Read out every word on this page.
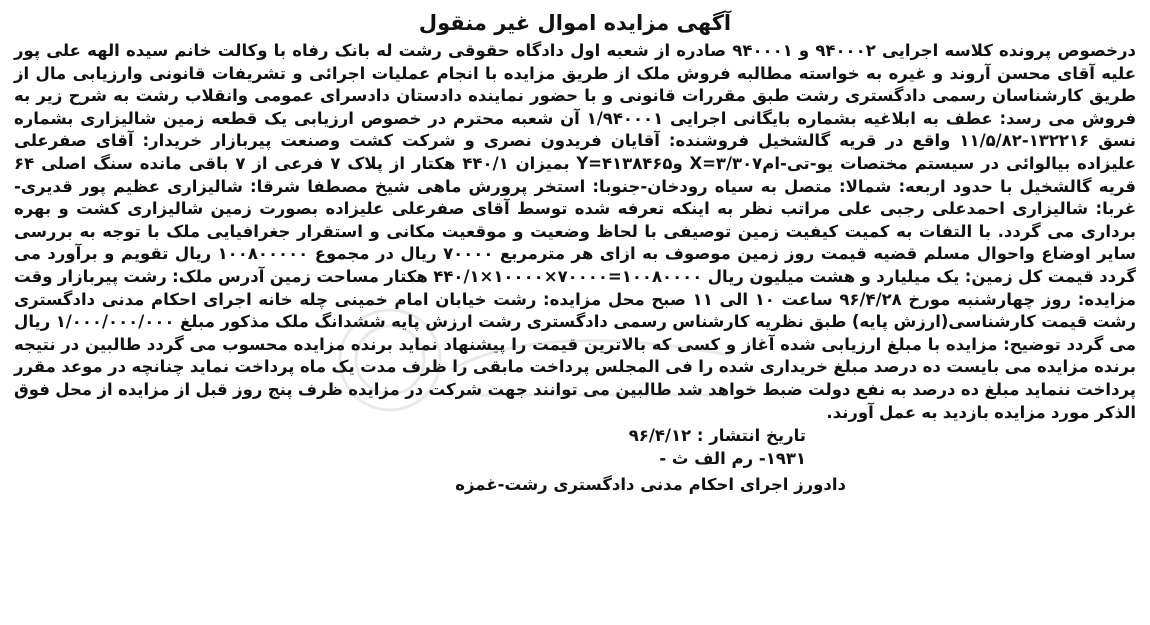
آگهی مزایده اموال غیر منقول

درخصوص پرونده کلاسه اجرایی ۹۴۰۰۰۲ و ۹۴۰۰۰۱ صادره از شعبه اول دادگاه حقوقی رشت له بانک رفاه با وکالت خانم سیده الهه علی پور علیه آقای محسن آروند و غیره به خواسته مطالبه فروش ملک از طریق مزایده با انجام عملیات اجرائی و تشریفات قانونی وارزیابی مال از طریق کارشناسان رسمی دادگستری رشت طبق مقررات قانونی و با حضور نماینده دادستان دادسرای عمومی وانقلاب رشت به شرح زیر به فروش می رسد: عطف به ابلاغیه بشماره بایگانی اجرایی ۱/۹۴۰۰۰۱ آن شعبه محترم در خصوص ارزیابی یک قطعه زمین شالیزاری بشماره نسق ۱۳۲۲۱۶-۱۱/۵/۸۲ واقع در قریه گالشخیل فروشنده: آقایان فریدون نصری و شرکت کشت وصنعت پیربازار خریدار: آقای صفرعلی علیزاده بیالوائی در سیستم مختصات یو-تی-ام۳/۳۰۷=X و۴۱۳۸۴۶۵=Y بمیزان ۴۴۰/۱ هکتار از پلاک ۷ فرعی از ۷ باقی مانده سنگ اصلی ۶۴ قریه گالشخیل با حدود اربعه: شمالا: متصل به سیاه رودخان-جنوبا: استخر پرورش ماهی شیخ مصطفا شرقا: شالیزاری عظیم پور قدیری-غربا: شالیزاری احمدعلی رجبی علی مراتب نظر به اینکه تعرفه شده توسط آقای صفرعلی علیزاده بصورت زمین شالیزاری کشت و بهره برداری می گردد. با التفات به کمیت کیفیت زمین توصیفی با لحاظ وضعیت و موقعیت مکانی و استقرار جغرافیایی ملک با توجه به بررسی سایر اوضاع واحوال مسلم قضیه قیمت روز زمین موصوف به ازای هر مترمربع ۷۰۰۰۰ ریال در مجموع ۱۰۰۸۰۰۰۰۰ ریال تقویم و برآورد می گردد قیمت کل زمین: یک میلیارد و هشت میلیون ریال ۱۰۰۸۰۰۰۰=۷۰۰۰۰×۱۰۰۰۰×۴۴۰/۱ هکتار مساحت زمین آدرس ملک: رشت پیربازار وقت مزایده: روز چهارشنبه مورخ ۹۶/۴/۲۸ ساعت ۱۰ الی ۱۱ صبح محل مزایده: رشت خیابان امام خمینی چله خانه اجرای احکام مدنی دادگستری رشت قیمت کارشناسی(ارزش پایه) طبق نظریه کارشناس رسمی دادگستری رشت ارزش پایه ششدانگ ملک مذکور مبلغ ۱/۰۰۰/۰۰۰/۰۰۰ ریال می گردد توضیح: مزایده با مبلغ ارزیابی شده آغاز و کسی که بالاترین قیمت را پیشنهاد نماید برنده مزایده محسوب می گردد طالبین در نتیجه برنده مزایده می بایست ده درصد مبلغ خریداری شده را فی المجلس پرداخت مابقی را ظرف مدت یک ماه پرداخت نماید چنانچه در موعد مقرر پرداخت ننماید مبلغ ده درصد به نفع دولت ضبط خواهد شد طالبین می توانند جهت شرکت در مزایده ظرف پنج روز قبل از مزایده از محل فوق الذکر مورد مزایده بازدید به عمل آورند.

تاریخ انتشار : ۹۶/۴/۱۲

۱۹۳۱- رم الف ث -

دادورز اجرای احکام مدنی دادگستری رشت-غمزه
